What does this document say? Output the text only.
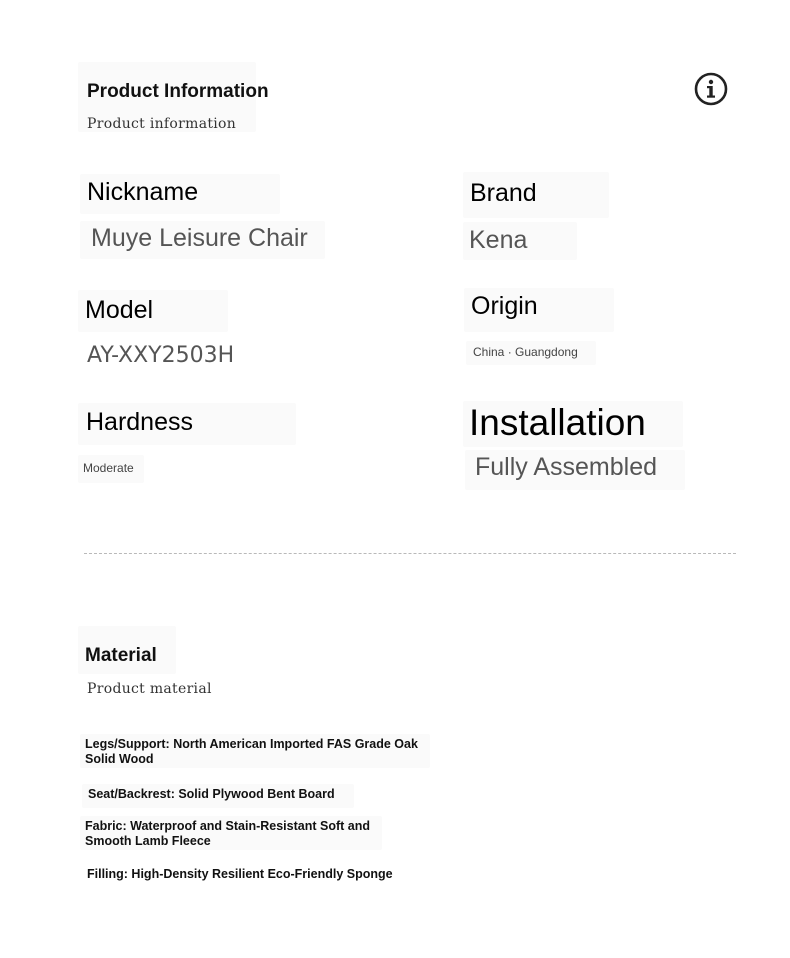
Product Information
Product information
Nickname
Muye Leisure Chair
Brand
Kena
Model
AY-XXY2503H
Origin
China · Guangdong
Hardness
Moderate
Installation
Fully Assembled
Material
Product material
Legs/Support: North American Imported FAS Grade Oak Solid Wood
Seat/Backrest: Solid Plywood Bent Board
Fabric: Waterproof and Stain-Resistant Soft and Smooth Lamb Fleece
Filling: High-Density Resilient Eco-Friendly Sponge
